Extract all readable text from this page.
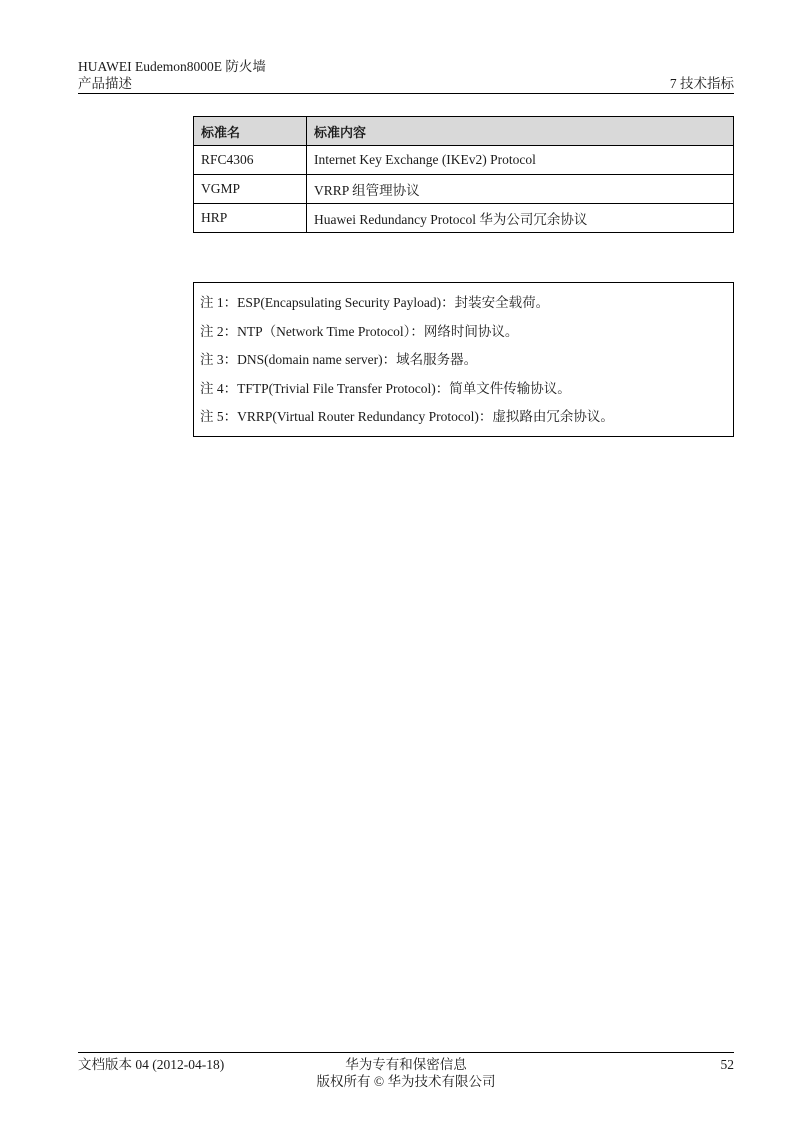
HUAWEI Eudemon8000E 防火墙
产品描述	7 技术指标
标准名	标准内容
RFC4306	Internet Key Exchange (IKEv2) Protocol
VGMP	VRRP 组管理协议
HRP	Huawei Redundancy Protocol 华为公司冗余协议
注 1：ESP(Encapsulating Security Payload)：封装安全载荷。
注 2：NTP（Network Time Protocol）：网络时间协议。
注 3：DNS(domain name server)：域名服务器。
注 4：TFTP(Trivial File Transfer Protocol)：简单文件传输协议。
注 5：VRRP(Virtual Router Redundancy Protocol)：虚拟路由冗余协议。
文档版本 04 (2012-04-18)	华为专有和保密信息
版权所有 © 华为技术有限公司
52
